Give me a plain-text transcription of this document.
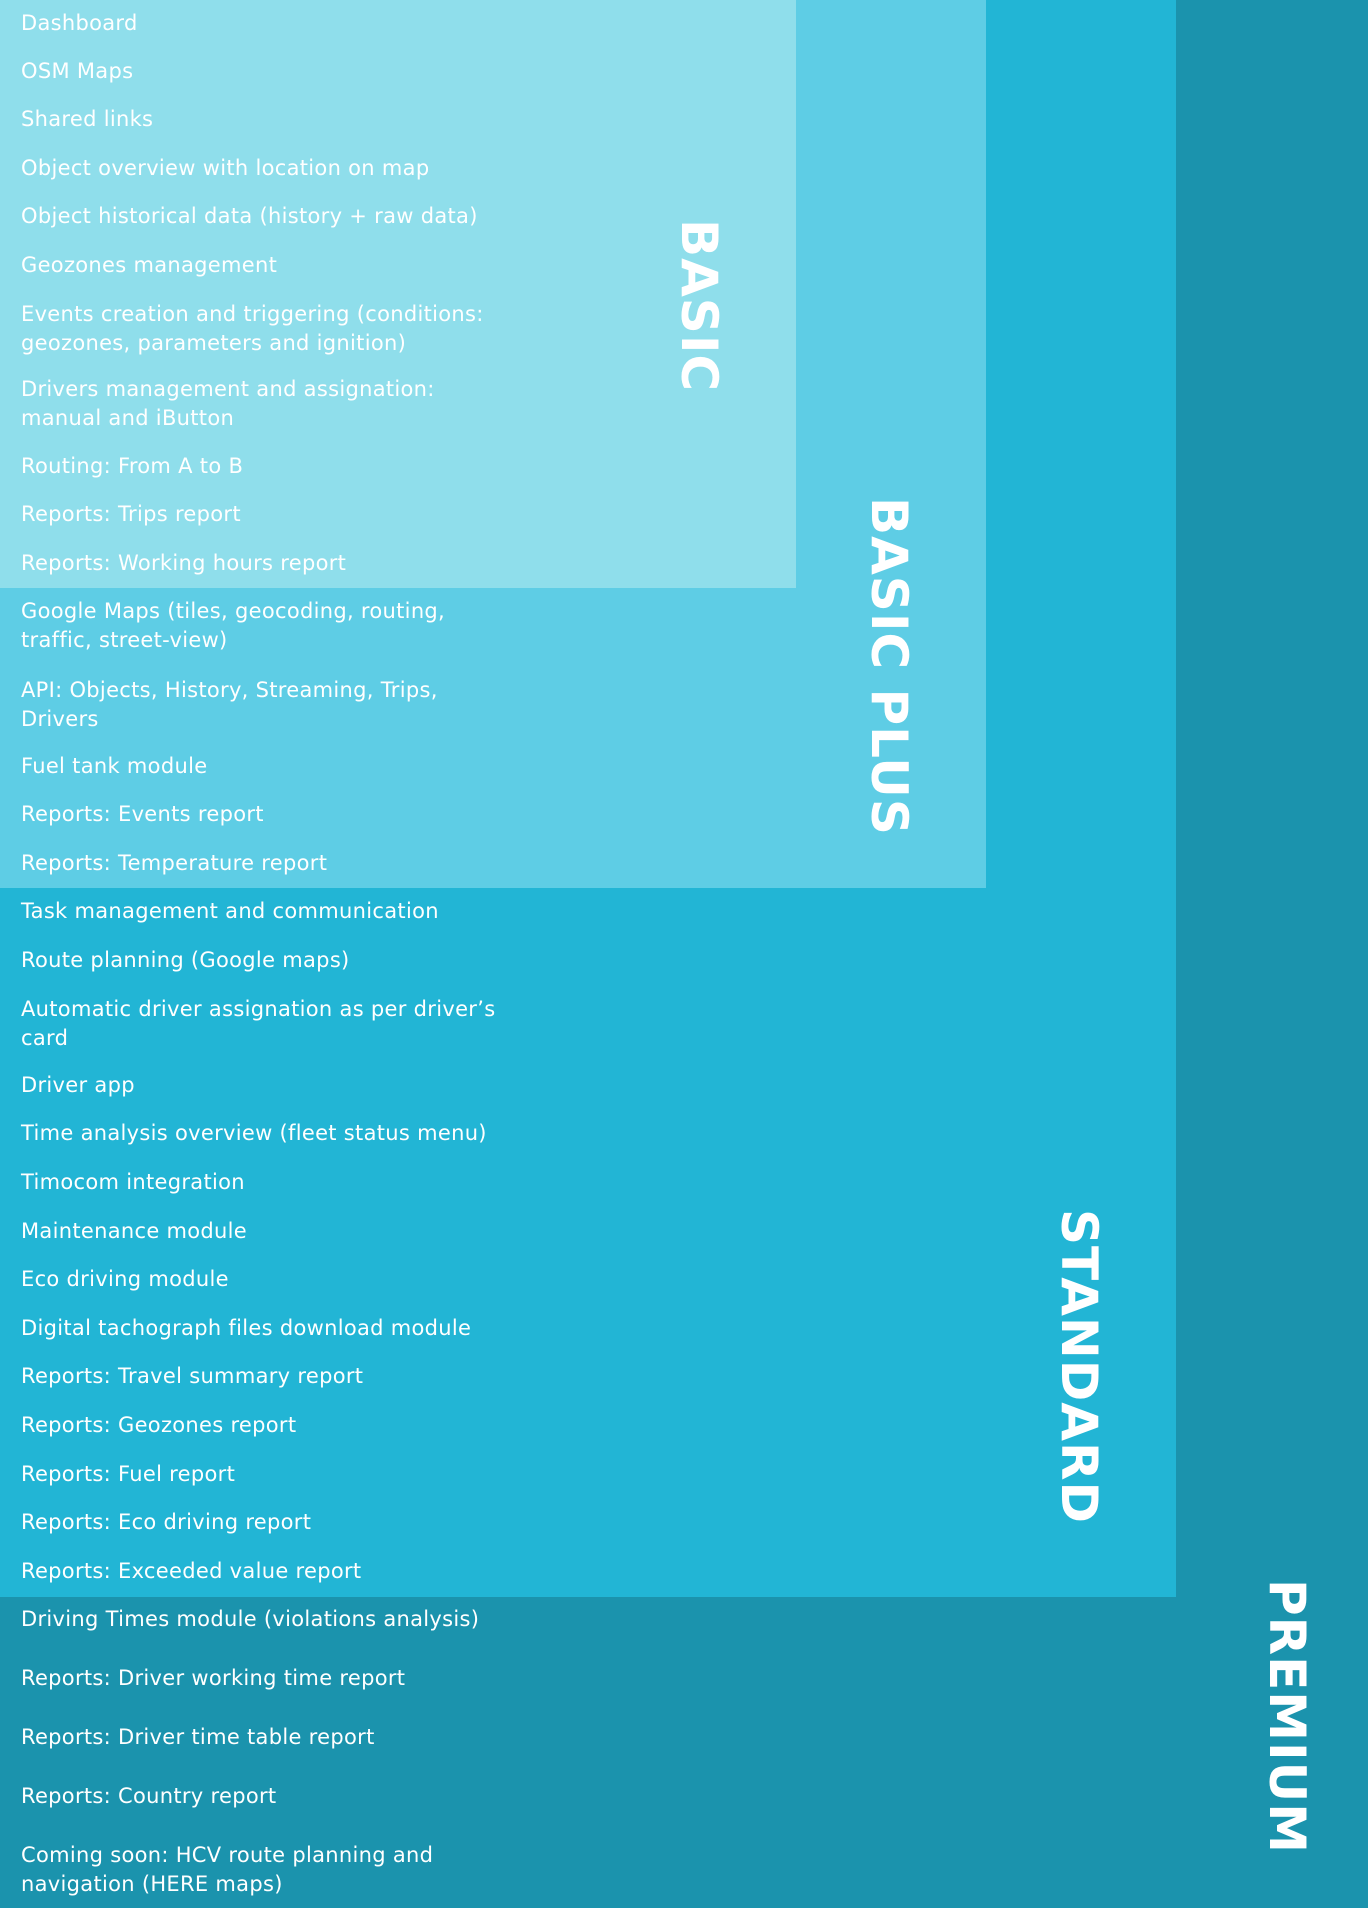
BASIC
BASIC PLUS
STANDARD
PREMIUM

Dashboard

OSM Maps

Shared links

Object overview with location on map

Object historical data (history + raw data)

Geozones management

Events creation and triggering (conditions: geozones, parameters and ignition)

Drivers management and assignation: manual and iButton

Routing: From A to B

Reports: Trips report

Reports: Working hours report

Google Maps (tiles, geocoding, routing, traffic, street-view)

API: Objects, History, Streaming, Trips, Drivers

Fuel tank module

Reports: Events report

Reports: Temperature report

Task management and communication

Route planning (Google maps)

Automatic driver assignation as per driver’s card

Driver app

Time analysis overview (fleet status menu)

Timocom integration

Maintenance module

Eco driving module

Digital tachograph files download module

Reports: Travel summary report

Reports: Geozones report

Reports: Fuel report

Reports: Eco driving report

Reports: Exceeded value report

Driving Times module (violations analysis)

Reports: Driver working time report

Reports: Driver time table report

Reports: Country report

Coming soon: HCV route planning and navigation (HERE maps)
